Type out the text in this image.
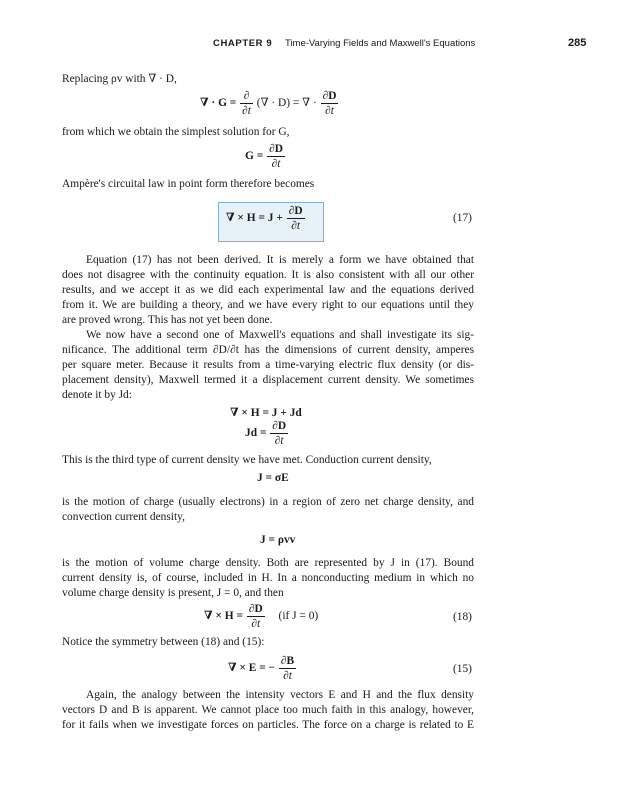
CHAPTER 9 Time-Varying Fields and Maxwell's Equations	285
Replacing ρv with ∇ · D,
∇ · $G = \frac{\partial}{\partial t}$ (∇ · D) = ∇ · $\frac{\partial D}{\partial t}$
from which we obtain the simplest solution for G,
$G = \frac{\partial D}{\partial t}$
Ampère's circuital law in point form therefore becomes
∇ × $H = J + \frac{\partial D}{\partial t}$	(17)
Equation (17) has not been derived. It is merely a form we have obtained that
does not disagree with the continuity equation. It is also consistent with all our other
results, and we accept it as we did each experimental law and the equations derived
from it. We are building a theory, and we have every right to our equations until they
are proved wrong. This has not yet been done.
We now have a second one of Maxwell's equations and shall investigate its sig-
nificance. The additional term ∂D/∂t has the dimensions of current density, amperes
per square meter. Because it results from a time-varying electric flux density (or dis-
placement density), Maxwell termed it a displacement current density. We sometimes
denote it by Jd:
∇ × H = J + Jd
$Jd = \frac{\partial D}{\partial t}$
This is the third type of current density we have met. Conduction current density,
J = σE
is the motion of charge (usually electrons) in a region of zero net charge density, and
convection current density,
J = ρvv
is the motion of volume charge density. Both are represented by J in (17). Bound
current density is, of course, included in H. In a nonconducting medium in which no
volume charge density is present, J = 0, and then
∇ × $H = \frac{\partial D}{\partial t} (if$ J = 0)	(18)
Notice the symmetry between (18) and (15):
∇ × E = − $\frac{\partial B}{\partial t}$	(15)
Again, the analogy between the intensity vectors E and H and the flux density
vectors D and B is apparent. We cannot place too much faith in this analogy, however,
for it fails when we investigate forces on particles. The force on a charge is related to E
